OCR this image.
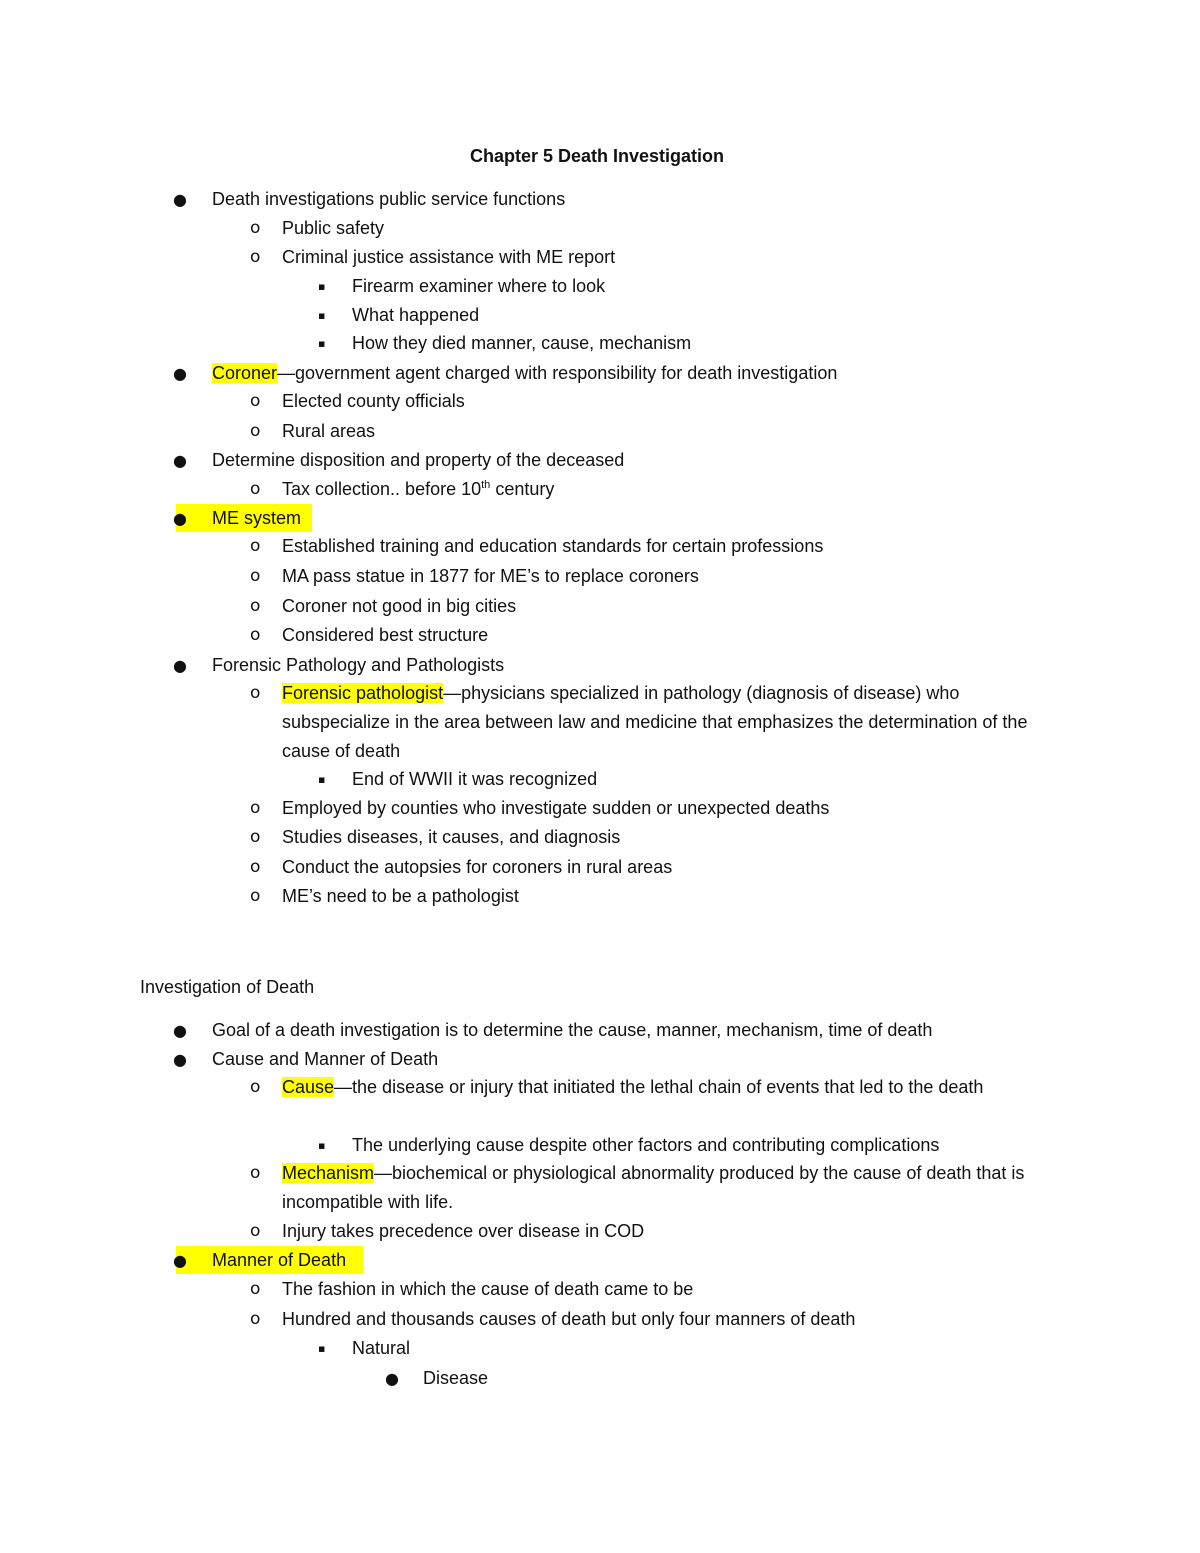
Chapter 5 Death Investigation
● Death investigations public service functions
o Public safety
o Criminal justice assistance with ME report
▪ Firearm examiner where to look
▪ What happened
▪ How they died manner, cause, mechanism
● Coroner—government agent charged with responsibility for death investigation
o Elected county officials
o Rural areas
● Determine disposition and property of the deceased
o Tax collection.. before 10th century
● ME system
o Established training and education standards for certain professions
o MA pass statue in 1877 for ME’s to replace coroners
o Coroner not good in big cities
o Considered best structure
● Forensic Pathology and Pathologists
o Forensic pathologist—physicians specialized in pathology (diagnosis of disease) who subspecialize in the area between law and medicine that emphasizes the determination of the cause of death
▪ End of WWII it was recognized
o Employed by counties who investigate sudden or unexpected deaths
o Studies diseases, it causes, and diagnosis
o Conduct the autopsies for coroners in rural areas
o ME’s need to be a pathologist
Investigation of Death
● Goal of a death investigation is to determine the cause, manner, mechanism, time of death
● Cause and Manner of Death
o Cause—the disease or injury that initiated the lethal chain of events that led to the death
▪ The underlying cause despite other factors and contributing complications
o Mechanism—biochemical or physiological abnormality produced by the cause of death that is incompatible with life.
o Injury takes precedence over disease in COD
● Manner of Death
o The fashion in which the cause of death came to be
o Hundred and thousands causes of death but only four manners of death
▪ Natural
● Disease
